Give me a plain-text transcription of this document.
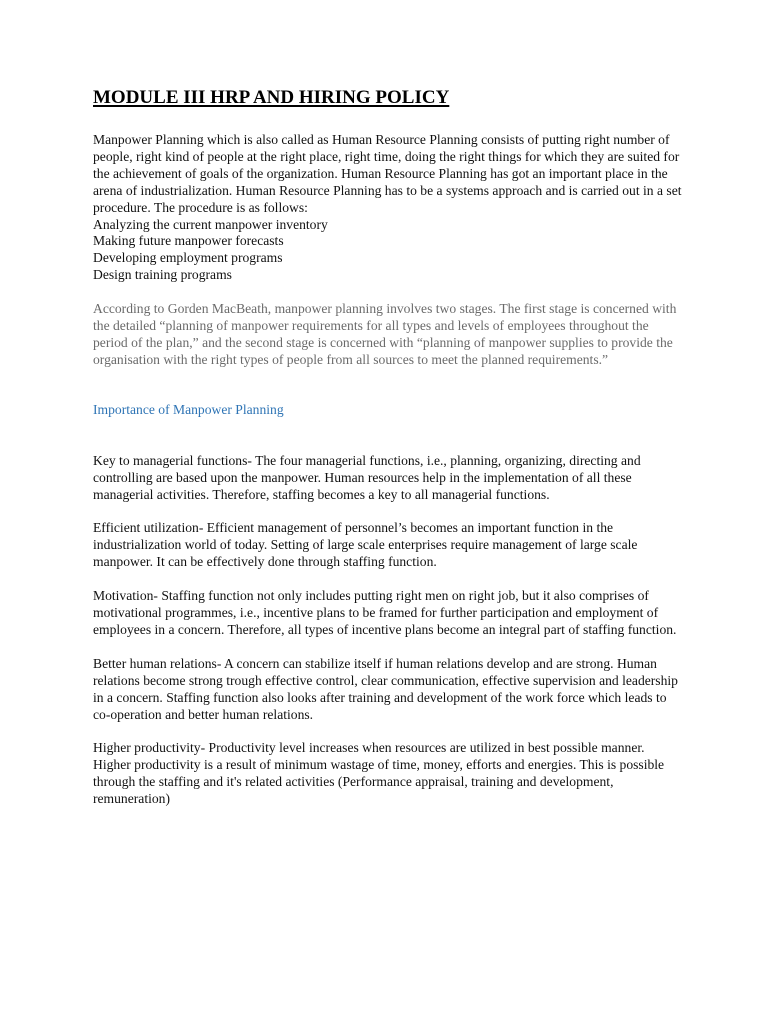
MODULE III HRP AND HIRING POLICY

Manpower Planning which is also called as Human Resource Planning consists of putting right number of people, right kind of people at the right place, right time, doing the right things for which they are suited for the achievement of goals of the organization. Human Resource Planning has got an important place in the arena of industrialization. Human Resource Planning has to be a systems approach and is carried out in a set procedure. The procedure is as follows:

Analyzing the current manpower inventory
Making future manpower forecasts
Developing employment programs
Design training programs

According to Gorden MacBeath, manpower planning involves two stages. The first stage is concerned with the detailed “planning of manpower requirements for all types and levels of employees throughout the period of the plan,” and the second stage is concerned with “planning of manpower supplies to provide the organisation with the right types of people from all sources to meet the planned requirements.”

Importance of Manpower Planning

Key to managerial functions- The four managerial functions, i.e., planning, organizing, directing and controlling are based upon the manpower. Human resources help in the implementation of all these managerial activities. Therefore, staffing becomes a key to all managerial functions.

Efficient utilization- Efficient management of personnel’s becomes an important function in the industrialization world of today. Setting of large scale enterprises require management of large scale manpower. It can be effectively done through staffing function.

Motivation- Staffing function not only includes putting right men on right job, but it also comprises of motivational programmes, i.e., incentive plans to be framed for further participation and employment of employees in a concern. Therefore, all types of incentive plans become an integral part of staffing function.

Better human relations- A concern can stabilize itself if human relations develop and are strong. Human relations become strong trough effective control, clear communication, effective supervision and leadership in a concern. Staffing function also looks after training and development of the work force which leads to co-operation and better human relations.

Higher productivity- Productivity level increases when resources are utilized in best possible manner. Higher productivity is a result of minimum wastage of time, money, efforts and energies. This is possible through the staffing and it's related activities (Performance appraisal, training and development, remuneration)
